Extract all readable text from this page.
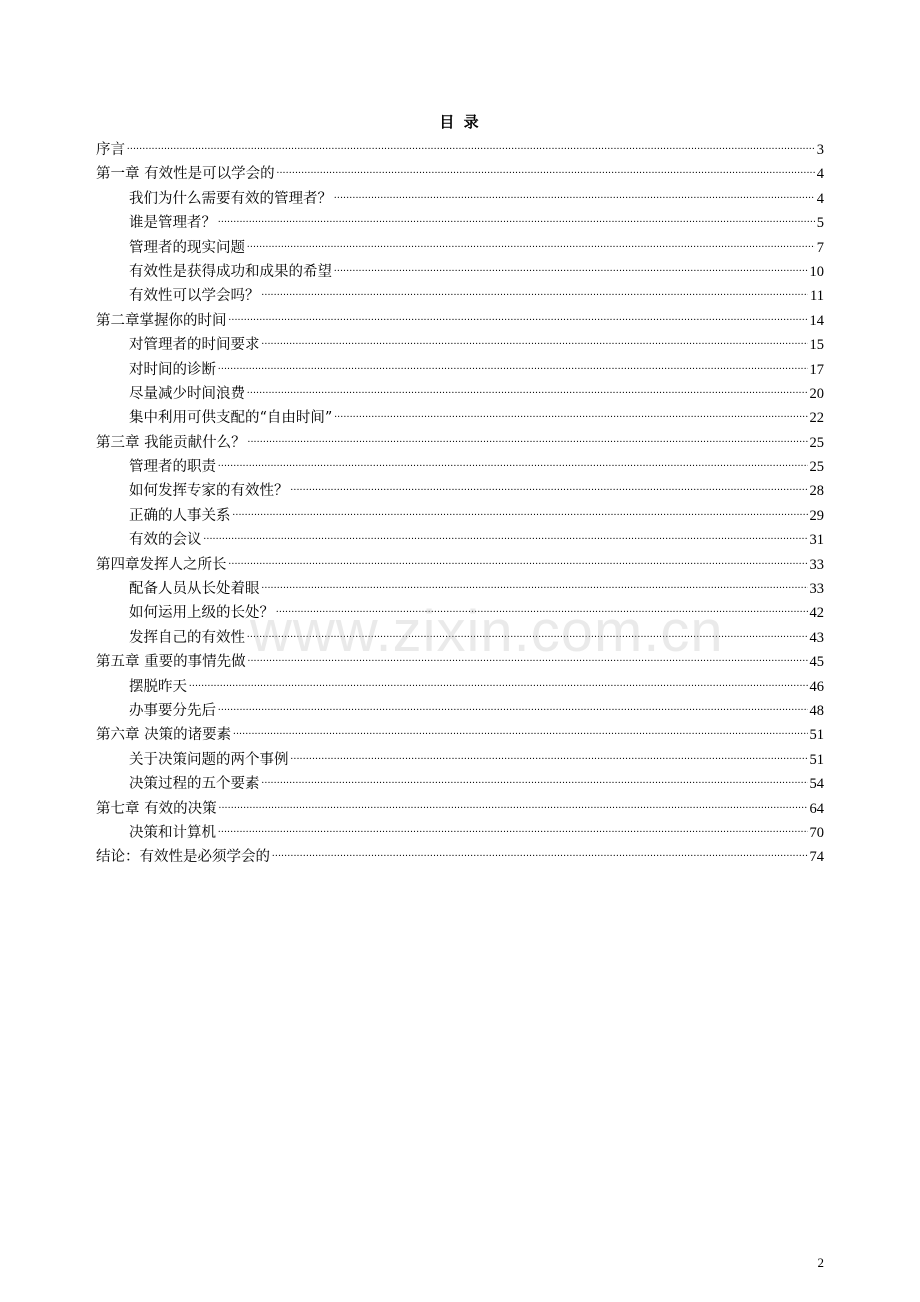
目 录
序言 .....	3
第一章 有效性是可以学会的 .....	4
我们为什么需要有效的管理者？ .....	4
谁是管理者？ .....	5
管理者的现实问题 .....	7
有效性是获得成功和成果的希望 .....	10
有效性可以学会吗？ .....	11
第二章掌握你的时间 .....	14
对管理者的时间要求 .....	15
对时间的诊断 .....	17
尽量减少时间浪费 .....	20
集中利用可供支配的“自由时间” .....	22
第三章 我能贡献什么？ .....	25
管理者的职责 .....	25
如何发挥专家的有效性？ .....	28
正确的人事关系 .....	29
有效的会议 .....	31
第四章发挥人之所长 .....	33
配备人员从长处着眼 .....	33
如何运用上级的长处？ .....	42
发挥自己的有效性 .....	43
第五章 重要的事情先做 .....	45
摆脱昨天 .....	46
办事要分先后 .....	48
第六章 决策的诸要素 .....	51
关于决策问题的两个事例 .....	51
决策过程的五个要素 .....	54
第七章 有效的决策 .....	64
决策和计算机 .....	70
结论：有效性是必须学会的 .....	74
www.zixin.com.cn
2
